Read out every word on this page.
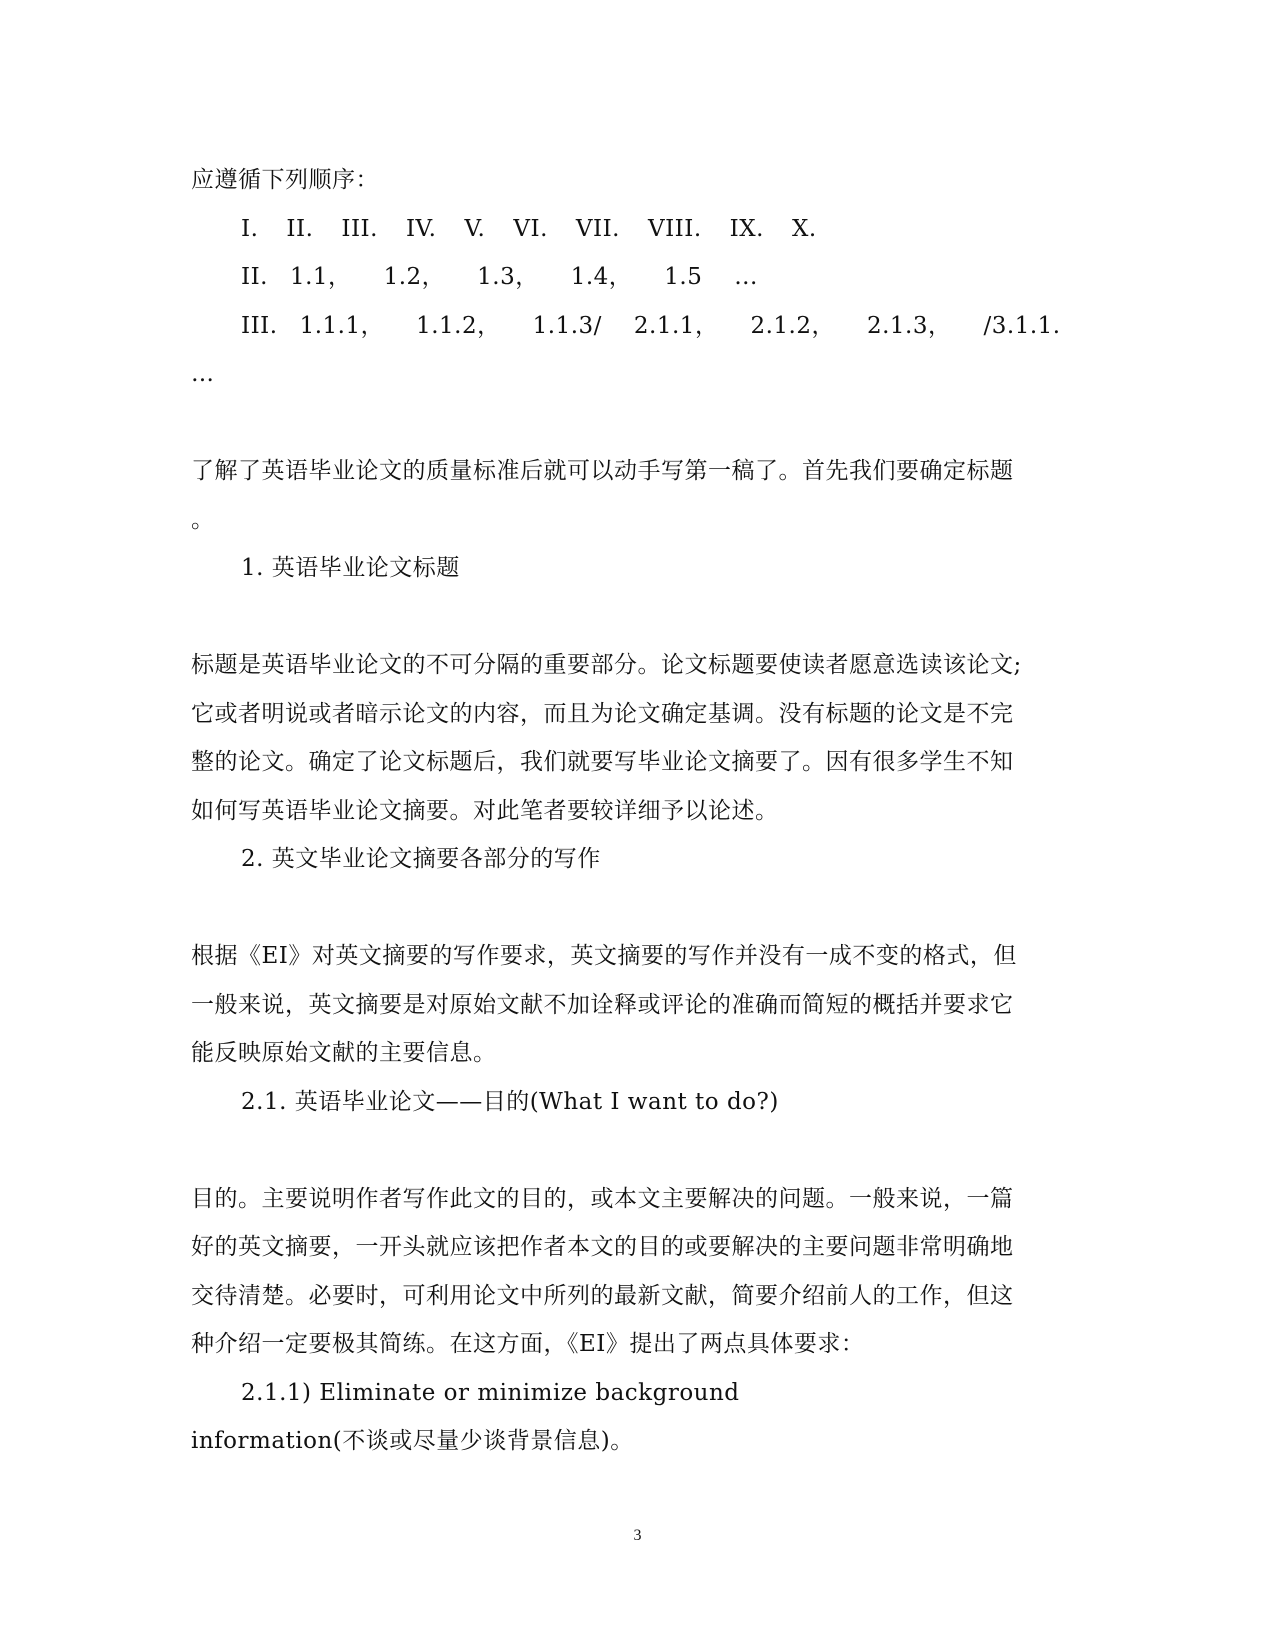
应遵循下列顺序：
I. II. III. IV. V. VI. VII. VIII. IX. X.
II. 1.1， 1.2， 1.3， 1.4， 1.5 ...
III. 1.1.1， 1.1.2， 1.1.3/ 2.1.1， 2.1.2， 2.1.3， /3.1.1.
…
了解了英语毕业论文的质量标准后就可以动手写第一稿了。首先我们要确定标题
。
1. 英语毕业论文标题
标题是英语毕业论文的不可分隔的重要部分。论文标题要使读者愿意选读该论文;
它或者明说或者暗示论文的内容，而且为论文确定基调。没有标题的论文是不完
整的论文。确定了论文标题后，我们就要写毕业论文摘要了。因有很多学生不知
如何写英语毕业论文摘要。对此笔者要较详细予以论述。
2. 英文毕业论文摘要各部分的写作
根据《EI》对英文摘要的写作要求，英文摘要的写作并没有一成不变的格式，但
一般来说，英文摘要是对原始文献不加诠释或评论的准确而简短的概括并要求它
能反映原始文献的主要信息。
2.1. 英语毕业论文——目的(What I want to do?)
目的。主要说明作者写作此文的目的，或本文主要解决的问题。一般来说，一篇
好的英文摘要，一开头就应该把作者本文的目的或要解决的主要问题非常明确地
交待清楚。必要时，可利用论文中所列的最新文献，简要介绍前人的工作，但这
种介绍一定要极其简练。在这方面，《EI》提出了两点具体要求：
2.1.1) Eliminate or minimize background
information(不谈或尽量少谈背景信息)。
3
